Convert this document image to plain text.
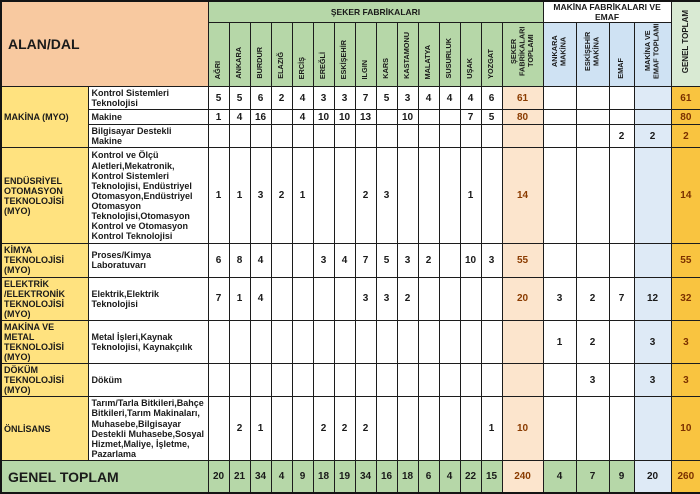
ALAN/DAL		ŞEKER FABRİKALARI															MAKİNA FABRİKALARI VE EMAF				GENEL TOPLAM
		AĞRI	ANKARA	BURDUR	ELAZIĞ	ERCİŞ	EREĞLİ	ESKİŞEHİR	ILGIN	KARS	KASTAMONU	MALATYA	SUSURLUK	UŞAK	YOZGAT	ŞEKER FABRİKALARI TOPLAMI	ANKARA MAKİNA	ESKİŞEHİR MAKİNA	EMAF	MAKİNA VE EMAF TOPLAMI	
MAKİNA (MYO)	Kontrol Sistemleri Teknolojisi	5	5	6	2	4	3	3	7	5	3	4	4	4	6	61					61
	Makine	1	4	16		4	10	10	13		10			7	5	80					80
	Bilgisayar Destekli Makine																		2	2	2
ENDÜSRİYEL OTOMASYON TEKNOLOJİSİ (MYO)	Kontrol ve Ölçü Aletleri,Mekatronik, Kontrol Sistemleri Teknolojisi, Endüstriyel Otomasyon,Endüstriyel Otomasyon Teknolojisi,Otomasyon Kontrol ve Otomasyon Kontrol Teknolojisi	1	1	3	2	1			2	3				1		14					14
KİMYA TEKNOLOJİSİ (MYO)	Proses/Kimya Laboratuvarı	6	8	4			3	4	7	5	3	2		10	3	55					55
ELEKTRİK /ELEKTRONİK TEKNOLOJİSİ (MYO)	Elektrik,Elektrik Teknolojisi	7	1	4					3	3	2					20	3	2	7	12	32
MAKİNA VE METAL TEKNOLOJİSİ (MYO)	Metal İşleri,Kaynak Teknolojisi, Kaynakçılık																1	2		3	3
DÖKÜM TEKNOLOJİSİ (MYO)	Döküm																	3		3	3
ÖNLİSANS	Tarım/Tarla Bitkileri,Bahçe Bitkileri,Tarım Makinaları, Muhasebe,Bilgisayar Destekli Muhasebe,Sosyal Hizmet,Maliye, İşletme, Pazarlama		2	1			2	2	2						1	10					10
GENEL TOPLAM		20	21	34	4	9	18	19	34	16	18	6	4	22	15	240	4	7	9	20	260
